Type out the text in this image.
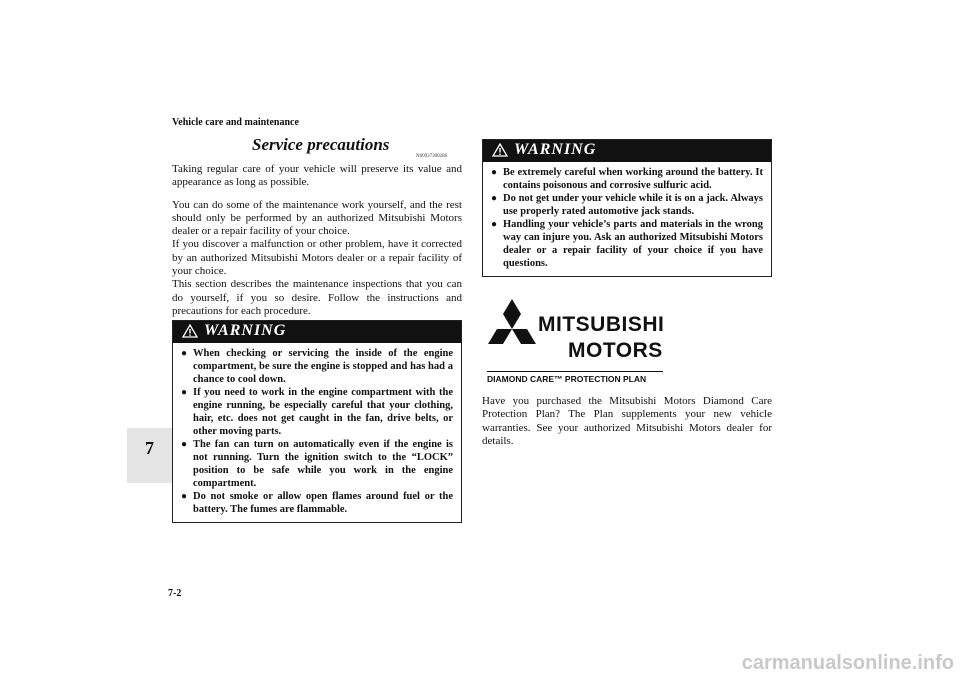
Vehicle care and maintenance
7
7-2
Service precautions
N00937300286

Taking regular care of your vehicle will preserve its value and appearance as long as possible.

You can do some of the maintenance work yourself, and the rest should only be performed by an authorized Mitsubishi Motors dealer or a repair facility of your choice.

If you discover a malfunction or other problem, have it corrected by an authorized Mitsubishi Motors dealer or a repair facility of your choice.

This section describes the maintenance inspections that you can do yourself, if you so desire. Follow the instructions and precautions for each procedure.

WARNING
● When checking or servicing the inside of the engine compartment, be sure the engine is stopped and has had a chance to cool down.
● If you need to work in the engine compartment with the engine running, be especially careful that your clothing, hair, etc. does not get caught in the fan, drive belts, or other moving parts.
● The fan can turn on automatically even if the engine is not running. Turn the ignition switch to the “LOCK” position to be safe while you work in the engine compartment.
● Do not smoke or allow open flames around fuel or the battery. The fumes are flammable.
WARNING
● Be extremely careful when working around the battery. It contains poisonous and corrosive sulfuric acid.
● Do not get under your vehicle while it is on a jack. Always use properly rated automotive jack stands.
● Handling your vehicle’s parts and materials in the wrong way can injure you. Ask an authorized Mitsubishi Motors dealer or a repair facility of your choice if you have questions.
MITSUBISHI
MOTORS
DIAMOND CARE™ PROTECTION PLAN
Have you purchased the Mitsubishi Motors Diamond Care Protection Plan? The Plan supplements your new vehicle warranties. See your authorized Mitsubishi Motors dealer for details.
carmanualsonline.info
